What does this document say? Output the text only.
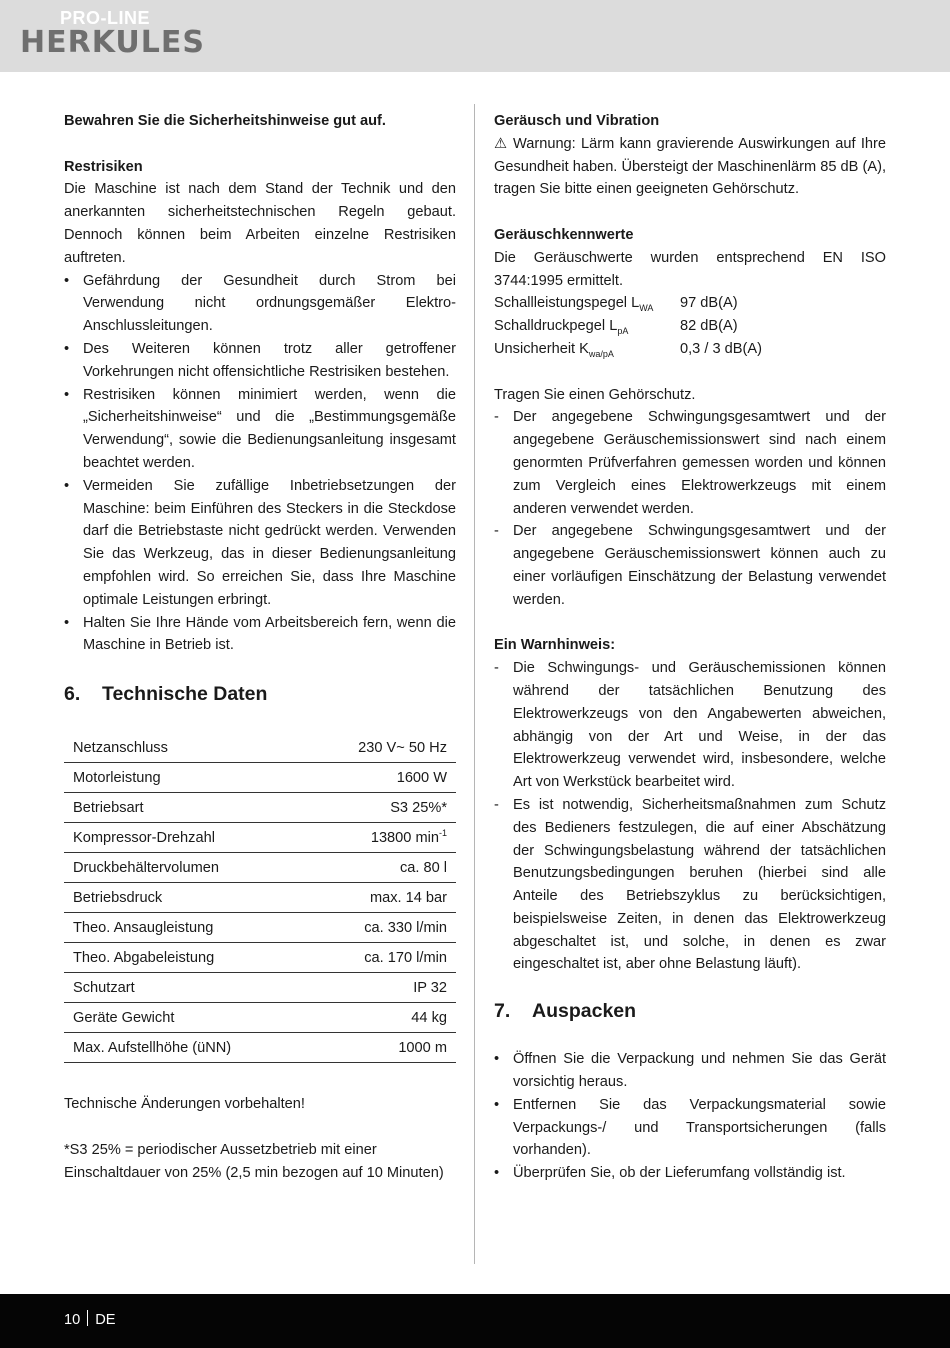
PRO-LINE
HERKULES

Bewahren Sie die Sicherheitshinweise gut auf.

Restrisiken

Die Maschine ist nach dem Stand der Technik und den anerkannten sicherheitstechnischen Regeln gebaut. Dennoch können beim Arbeiten einzelne Restrisiken auftreten.

• Gefährdung der Gesundheit durch Strom bei Verwendung nicht ordnungsgemäßer Elektro-Anschlussleitungen.
• Des Weiteren können trotz aller getroffener Vorkehrungen nicht offensichtliche Restrisiken bestehen.
• Restrisiken können minimiert werden, wenn die „Sicherheitshinweise“ und die „Bestimmungsgemäße Verwendung“, sowie die Bedienungsanleitung insgesamt beachtet werden.
• Vermeiden Sie zufällige Inbetriebsetzungen der Maschine: beim Einführen des Steckers in die Steckdose darf die Betriebstaste nicht gedrückt werden. Verwenden Sie das Werkzeug, das in dieser Bedienungsanleitung empfohlen wird. So erreichen Sie, dass Ihre Maschine optimale Leistungen erbringt.
• Halten Sie Ihre Hände vom Arbeitsbereich fern, wenn die Maschine in Betrieb ist.
6.	Technische Daten
Netzanschluss	230 V~ 50 Hz
Motorleistung	1600 W
Betriebsart	S3 25%*
Kompressor-Drehzahl	13800 $\min^{-1}$
Druckbehältervolumen	ca. 80 l
Betriebsdruck	max. 14 bar
Theo. Ansaugleistung	ca. 330 l/min
Theo. Abgabeleistung	ca. 170 l/min
Schutzart	IP 32
Geräte Gewicht	44 kg
Max. Aufstellhöhe (üNN)	1000 m

Technische Änderungen vorbehalten!

*S3 25% = periodischer Aussetzbetrieb mit einer Einschaltdauer von 25% (2,5 min bezogen auf 10 Minuten)

Geräusch und Vibration

⚠ Warnung: Lärm kann gravierende Auswirkungen auf Ihre Gesundheit haben. Übersteigt der Maschinenlärm 85 dB (A), tragen Sie bitte einen geeigneten Gehörschutz.

Geräuschkennwerte

Die Geräuschwerte wurden entsprechend EN ISO 3744:1995 ermittelt.

Schallleistungspegel $L_{WA}$	97 dB(A)
Schalldruckpegel $L_{pA}$	82 dB(A)
Unsicherheit $K_{wa/pA}$	0,3 / 3 dB(A)

Tragen Sie einen Gehörschutz.

- Der angegebene Schwingungsgesamtwert und der angegebene Geräuschemissionswert sind nach einem genormten Prüfverfahren gemessen worden und können zum Vergleich eines Elektrowerkzeugs mit einem anderen verwendet werden.
- Der angegebene Schwingungsgesamtwert und der angegebene Geräuschemissionswert können auch zu einer vorläufigen Einschätzung der Belastung verwendet werden.

Ein Warnhinweis:

- Die Schwingungs- und Geräuschemissionen können während der tatsächlichen Benutzung des Elektrowerkzeugs von den Angabewerten abweichen, abhängig von der Art und Weise, in der das Elektrowerkzeug verwendet wird, insbesondere, welche Art von Werkstück bearbeitet wird.
- Es ist notwendig, Sicherheitsmaßnahmen zum Schutz des Bedieners festzulegen, die auf einer Abschätzung der Schwingungsbelastung während der tatsächlichen Benutzungsbedingungen beruhen (hierbei sind alle Anteile des Betriebszyklus zu berücksichtigen, beispielsweise Zeiten, in denen das Elektrowerkzeug abgeschaltet ist, und solche, in denen es zwar eingeschaltet ist, aber ohne Belastung läuft).
7.	Auspacken
• Öffnen Sie die Verpackung und nehmen Sie das Gerät vorsichtig heraus.
• Entfernen Sie das Verpackungsmaterial sowie Verpackungs-/ und Transportsicherungen (falls vorhanden).
• Überprüfen Sie, ob der Lieferumfang vollständig ist.
10 DE
